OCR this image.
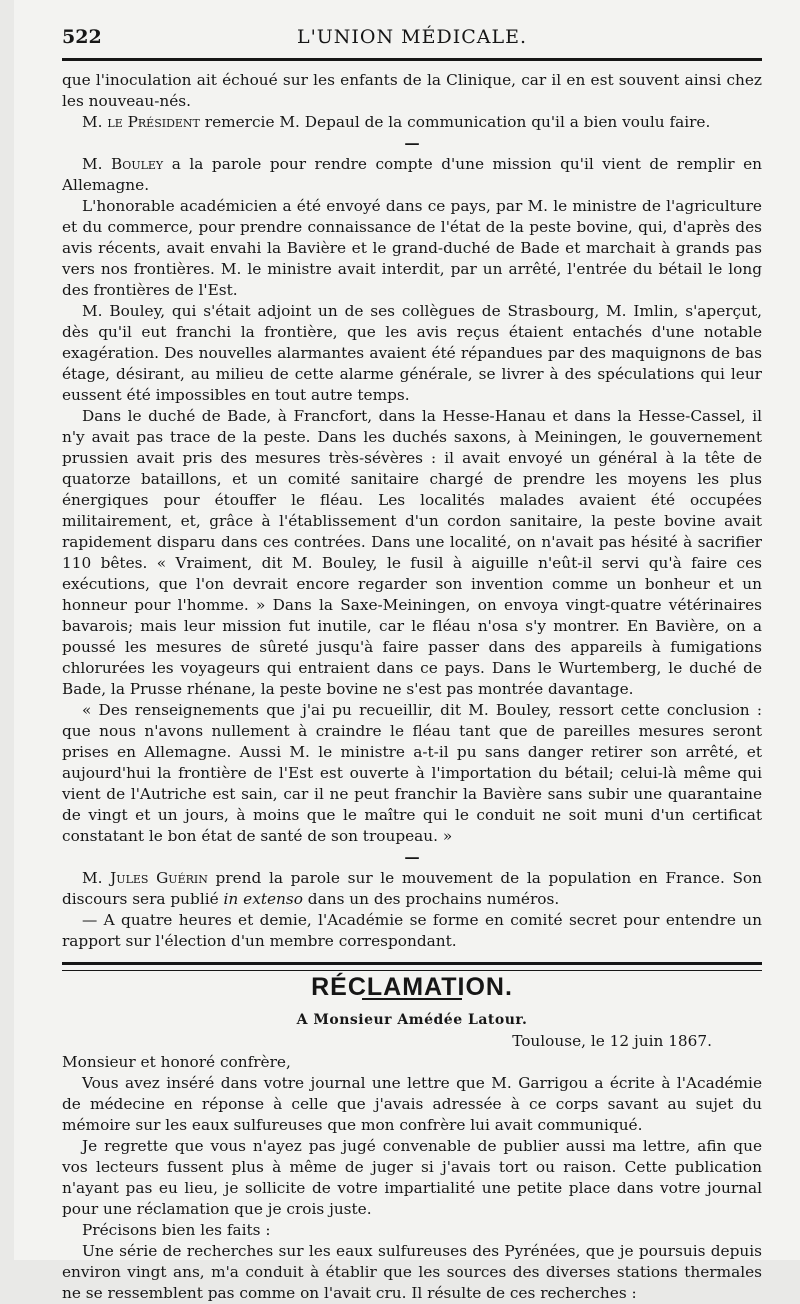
522	L'UNION MÉDICALE.

que l'inoculation ait échoué sur les enfants de la Clinique, car il en est souvent ainsi chez les nouveau-nés.

M. le Président remercie M. Depaul de la communication qu'il a bien voulu faire.

—

M. Bouley a la parole pour rendre compte d'une mission qu'il vient de remplir en Allemagne.

L'honorable académicien a été envoyé dans ce pays, par M. le ministre de l'agriculture et du commerce, pour prendre connaissance de l'état de la peste bovine, qui, d'après des avis récents, avait envahi la Bavière et le grand-duché de Bade et marchait à grands pas vers nos frontières. M. le ministre avait interdit, par un arrêté, l'entrée du bétail le long des frontières de l'Est.

M. Bouley, qui s'était adjoint un de ses collègues de Strasbourg, M. Imlin, s'aperçut, dès qu'il eut franchi la frontière, que les avis reçus étaient entachés d'une notable exagération. Des nouvelles alarmantes avaient été répandues par des maquignons de bas étage, désirant, au milieu de cette alarme générale, se livrer à des spéculations qui leur eussent été impossibles en tout autre temps.

Dans le duché de Bade, à Francfort, dans la Hesse-Hanau et dans la Hesse-Cassel, il n'y avait pas trace de la peste. Dans les duchés saxons, à Meiningen, le gouvernement prussien avait pris des mesures très-sévères : il avait envoyé un général à la tête de quatorze bataillons, et un comité sanitaire chargé de prendre les moyens les plus énergiques pour étouffer le fléau. Les localités malades avaient été occupées militairement, et, grâce à l'établissement d'un cordon sanitaire, la peste bovine avait rapidement disparu dans ces contrées. Dans une localité, on n'avait pas hésité à sacrifier 110 bêtes. « Vraiment, dit M. Bouley, le fusil à aiguille n'eût-il servi qu'à faire ces exécutions, que l'on devrait encore regarder son invention comme un bonheur et un honneur pour l'homme. » Dans la Saxe-Meiningen, on envoya vingt-quatre vétérinaires bavarois; mais leur mission fut inutile, car le fléau n'osa s'y montrer. En Bavière, on a poussé les mesures de sûreté jusqu'à faire passer dans des appareils à fumigations chlorurées les voyageurs qui entraient dans ce pays. Dans le Wurtemberg, le duché de Bade, la Prusse rhénane, la peste bovine ne s'est pas montrée davantage.

« Des renseignements que j'ai pu recueillir, dit M. Bouley, ressort cette conclusion : que nous n'avons nullement à craindre le fléau tant que de pareilles mesures seront prises en Allemagne. Aussi M. le ministre a-t-il pu sans danger retirer son arrêté, et aujourd'hui la frontière de l'Est est ouverte à l'importation du bétail; celui-là même qui vient de l'Autriche est sain, car il ne peut franchir la Bavière sans subir une quarantaine de vingt et un jours, à moins que le maître qui le conduit ne soit muni d'un certificat constatant le bon état de santé de son troupeau. »

—

M. Jules Guérin prend la parole sur le mouvement de la population en France. Son discours sera publié in extenso dans un des prochains numéros.

— A quatre heures et demie, l'Académie se forme en comité secret pour entendre un rapport sur l'élection d'un membre correspondant.

RÉCLAMATION.

A Monsieur Amédée Latour.

Toulouse, le 12 juin 1867.

Monsieur et honoré confrère,

Vous avez inséré dans votre journal une lettre que M. Garrigou a écrite à l'Académie de médecine en réponse à celle que j'avais adressée à ce corps savant au sujet du mémoire sur les eaux sulfureuses que mon confrère lui avait communiqué.

Je regrette que vous n'ayez pas jugé convenable de publier aussi ma lettre, afin que vos lecteurs fussent plus à même de juger si j'avais tort ou raison. Cette publication n'ayant pas eu lieu, je sollicite de votre impartialité une petite place dans votre journal pour une réclamation que je crois juste.

Précisons bien les faits :

Une série de recherches sur les eaux sulfureuses des Pyrénées, que je poursuis depuis environ vingt ans, m'a conduit à établir que les sources des diverses stations thermales ne se ressemblent pas comme on l'avait cru. Il résulte de ces recherches :
